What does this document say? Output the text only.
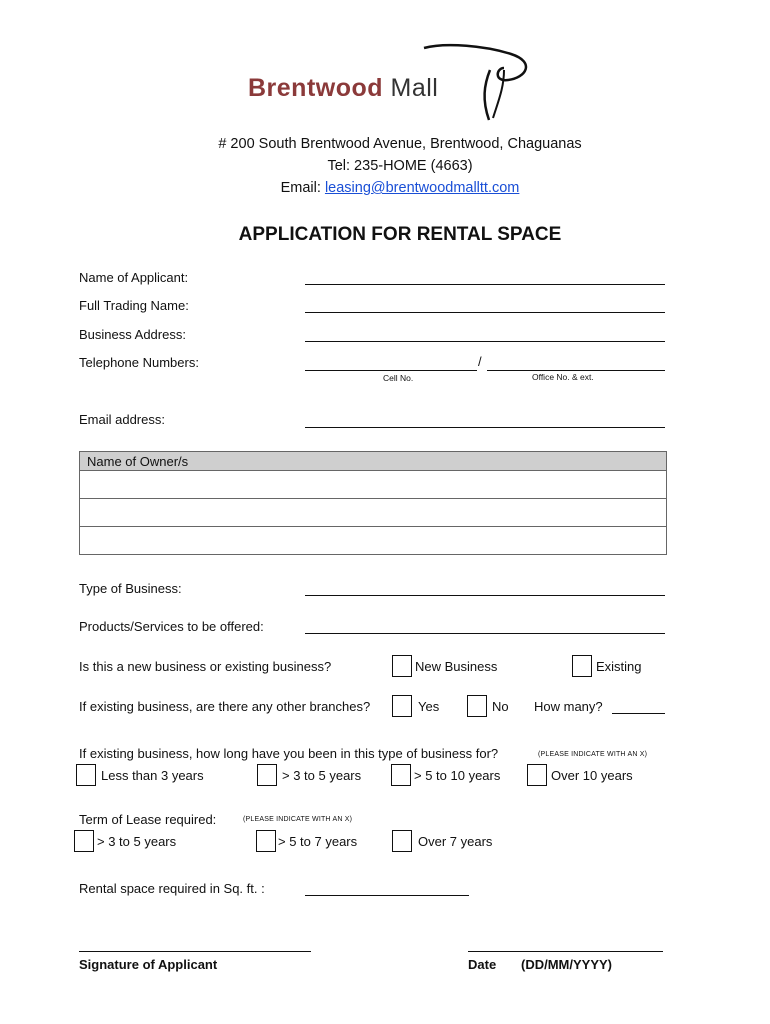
Brentwood Mall
# 200 South Brentwood Avenue, Brentwood, Chaguanas
Tel: 235-HOME (4663)
Email: leasing@brentwoodmalltt.com
APPLICATION FOR RENTAL SPACE
Name of Applicant:
Full Trading Name:
Business Address:
Telephone Numbers:	/
Cell No.	Office No. & ext.
Email address:
Name of Owner/s

Type of Business:
Products/Services to be offered:
Is this a new business or existing business?	New Business	Existing
If existing business, are there any other branches?	Yes	No How many?
If existing business, how long have you been in this type of business for?	(PLEASE INDICATE WITH AN X)
Less than 3 years	> 3 to 5 years	> 5 to 10 years	Over 10 years
Term of Lease required:	(PLEASE INDICATE WITH AN X)
> 3 to 5 years	> 5 to 7 years	Over 7 years
Rental space required in Sq. ft. :
Signature of Applicant	Date (DD/MM/YYYY)
